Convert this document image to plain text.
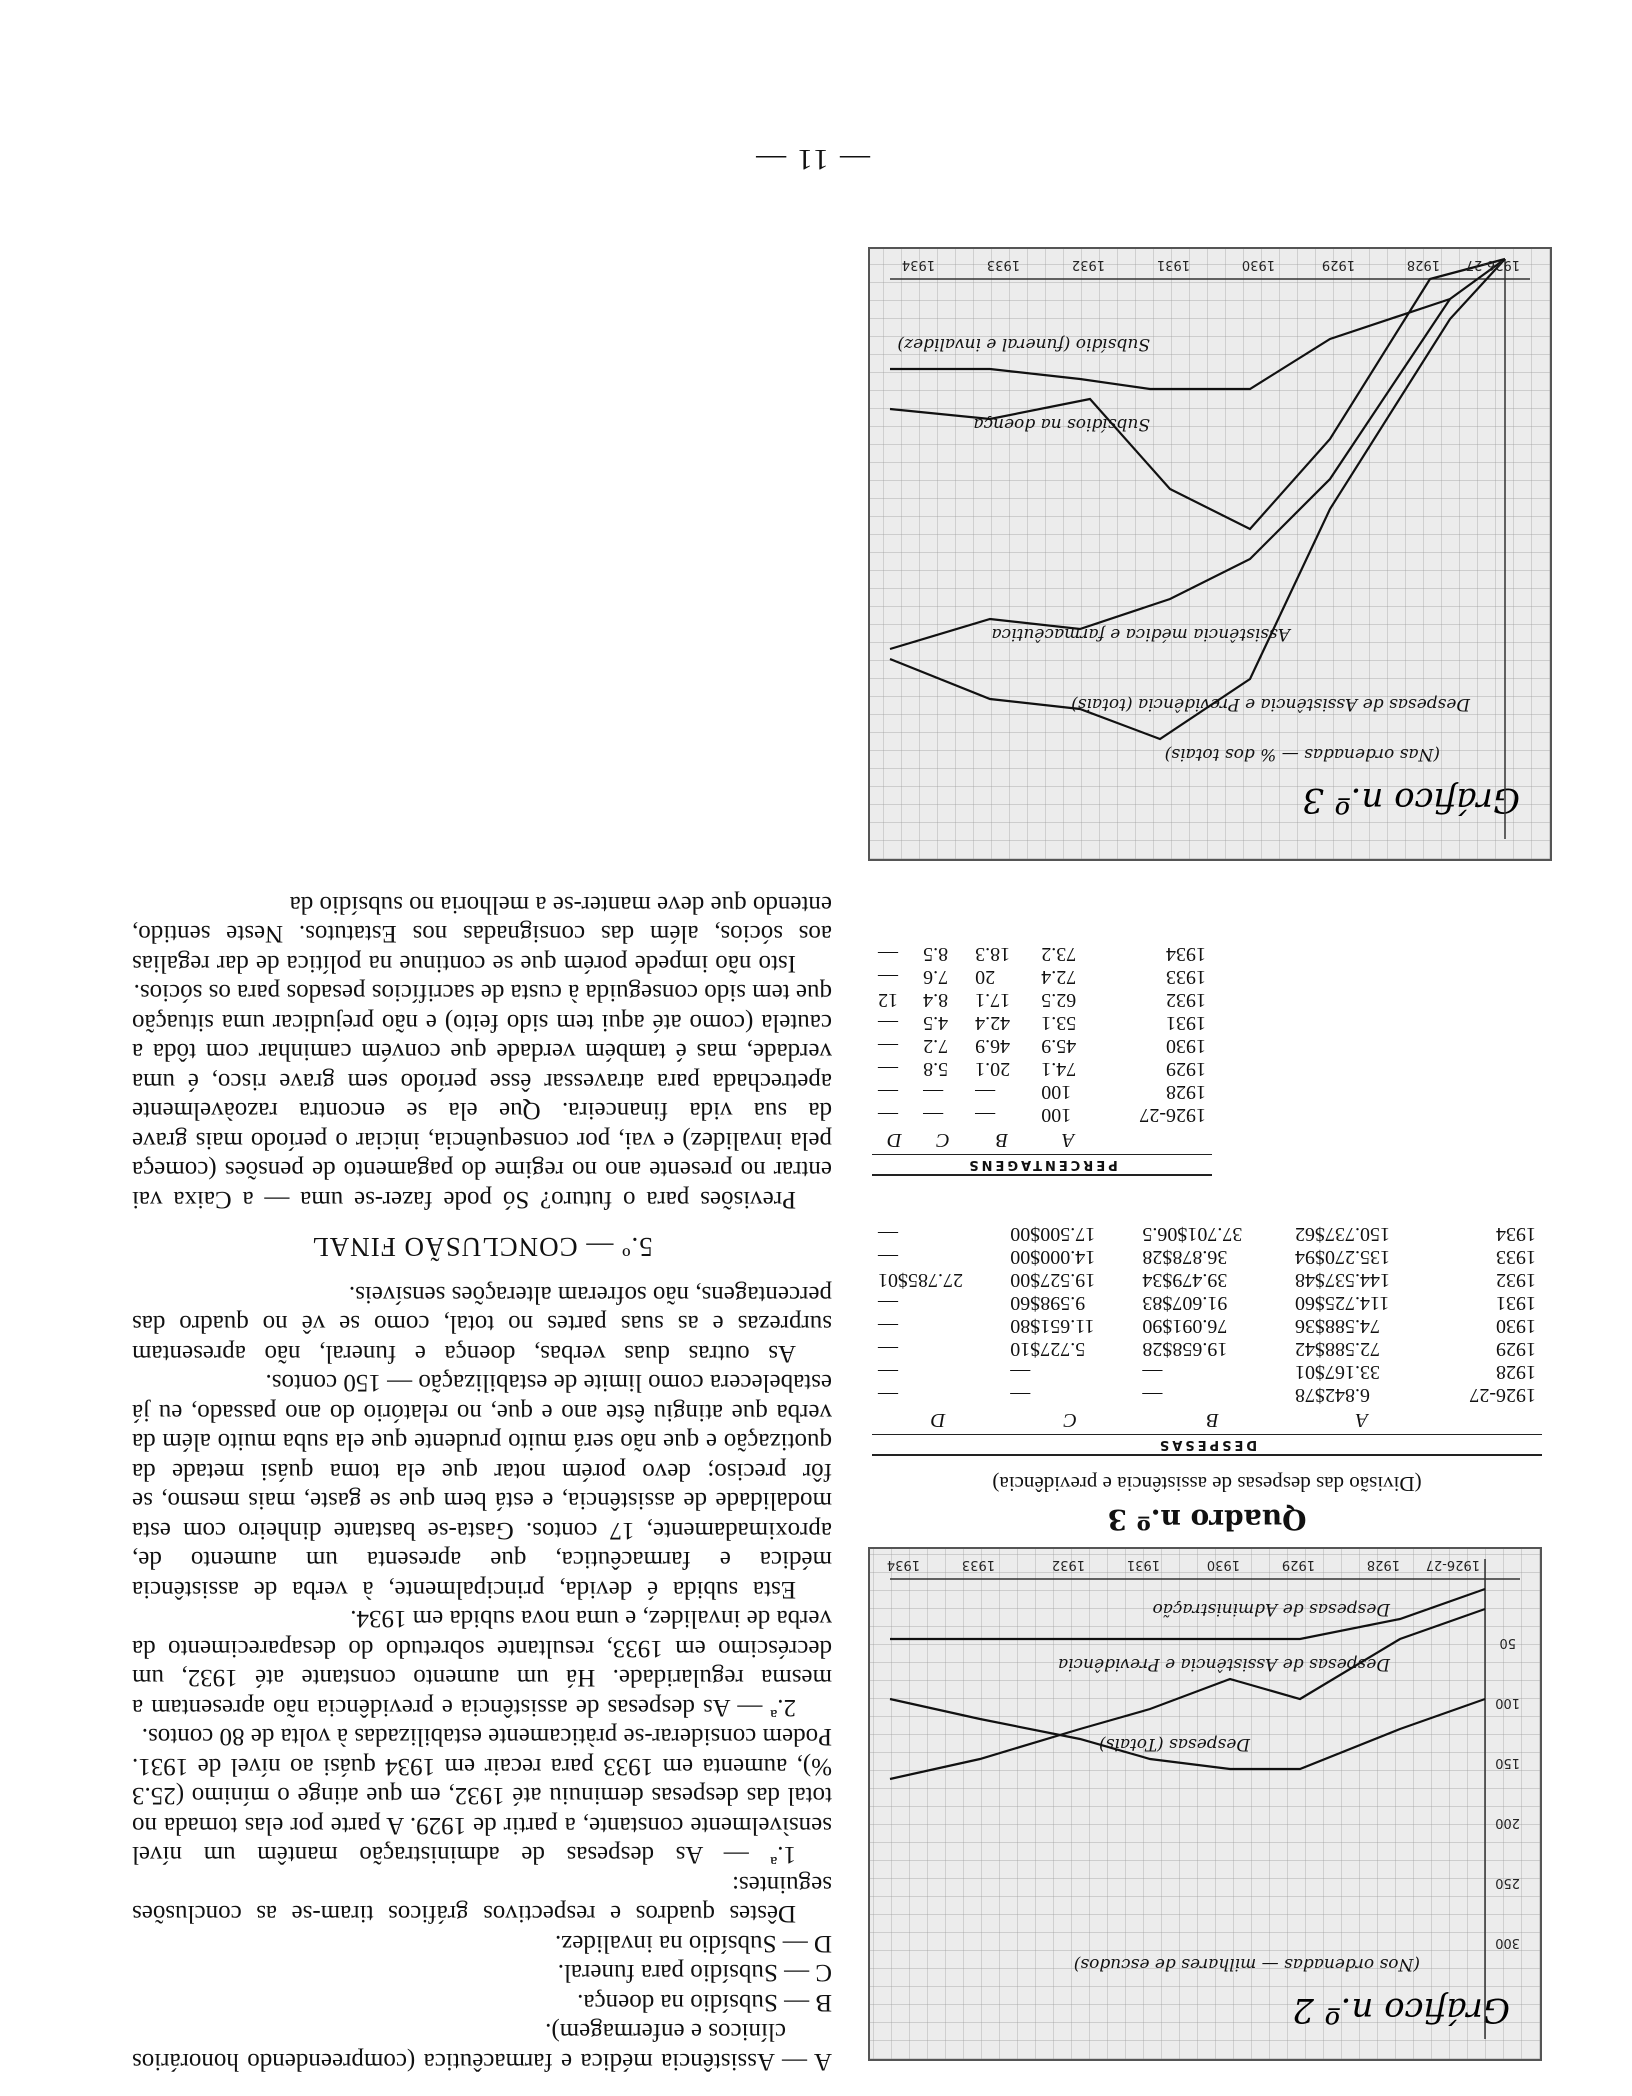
A — Assistência médica e farmacêutica (compreendendo honorários clínicos e enfermagem).

B — Subsídio na doença.

C — Subsídio para funeral.

D — Subsídio na invalidez.

Dêstes quadros e respectivos gráficos tiram-se as conclusões seguintes:

1.ª — As despesas de administração mantêm um nível sensìvelmente constante, a partir de 1929. A parte por elas tomada no total das despesas deminuiu até 1932, em que atinge o mínimo (25.3 %), aumenta em 1933 para recair em 1934 quási ao nível de 1931. Podem considerar-se pràticamente estabilizadas à volta de 80 contos.

2.ª — As despesas de assistência e previdência não apresentam a mesma regularidade. Há um aumento constante até 1932, um decréscimo em 1933, resultante sobretudo do desaparecimento da verba de invalidez, e uma nova subida em 1934.

Esta subida é devida, principalmente, à verba de assistência médica e farmacêutica, que apresenta um aumento de, aproximadamente, 17 contos. Gasta-se bastante dinheiro com esta modalidade de assistência, e está bem que se gaste, mais mesmo, se fôr preciso; devo porém notar que ela toma quási metade da quotização e que não será muito prudente que ela suba muito além da verba que atingiu êste ano e que, no relatório do ano passado, eu já estabelecera como limite de estabilização — 150 contos.

As outras duas verbas, doença e funeral, não apresentam surprezas e as suas partes no total, como se vê no quadro das percentagens, não sofreram alterações sensíveis.

5.º — CONCLUSÃO FINAL

Previsões para o futuro? Só pode fazer-se uma — a Caixa vai entrar no presente ano no regime do pagamento de pensões (começa pela invalidez) e vai, por consequência, iniciar o período mais grave da sua vida financeira. Que ela se encontra razoàvelmente apetrechada para atravessar êsse período sem grave risco, é uma verdade, mas é também verdade que convém caminhar com tôda a cautela (como até aqui tem sido feito) e não prejudicar uma situação que tem sido conseguida à custa de sacrifícios pesados para os sócios.

Isto não impede porém que se continue na política de dar regalias aos sócios, além das consignadas nos Estatutos. Neste sentido, entendo que deve manter-se a melhoria no subsídio da

Gráfico n.º 2
(Nos ordenadas — milhares de escudos)
Despesas (Totais)
Despesas de Assistência e Previdência
Despesas de Administração
1926-27
1928
1929
1930
1931
1932
1933
1934
50
100
150
200
250
300
Quadro n.º 3
(Divisão das despesas de assistência e previdência)
DESPESAS
	A	B	C	D
1926-27	6.842$78	—	—	—
1928	33.167$01	—	—	—
1929	72.588$42	19.658$28	5.727$10	—
1930	74.588$36	76.091$90	11.651$80	—
1931	114.725$60	91.607$83	9.598$60	—
1932	144.537$48	39.479$34	19.527$00	27.785$01
1933	135.270$94	36.878$28	14.000$00	—
1934	150.737$62	37.701$06.5	17.500$00	—
PERCENTAGENS
	A	B	C	D
1926-27	100	—	—	—
1928	100	—	—	—
1929	74.1	20.1	5.8	—
1930	45.9	46.9	7.2	—
1931	53.1	42.4	4.5	—
1932	62.5	17.1	8.4	12
1933	72.4	20	7.6	—
1934	73.2	18.3	8.5	—
Gráfico n.º 3
(Nas ordenadas — % dos totais)
Despesas de Assistência e Previdência (totais)
Assistência médica e farmacêutica
Subsídios na doença
Subsídio (funeral e invalidez)
1926-27
1928
1929
1930
1931
1932
1933
1934
— 11 —
